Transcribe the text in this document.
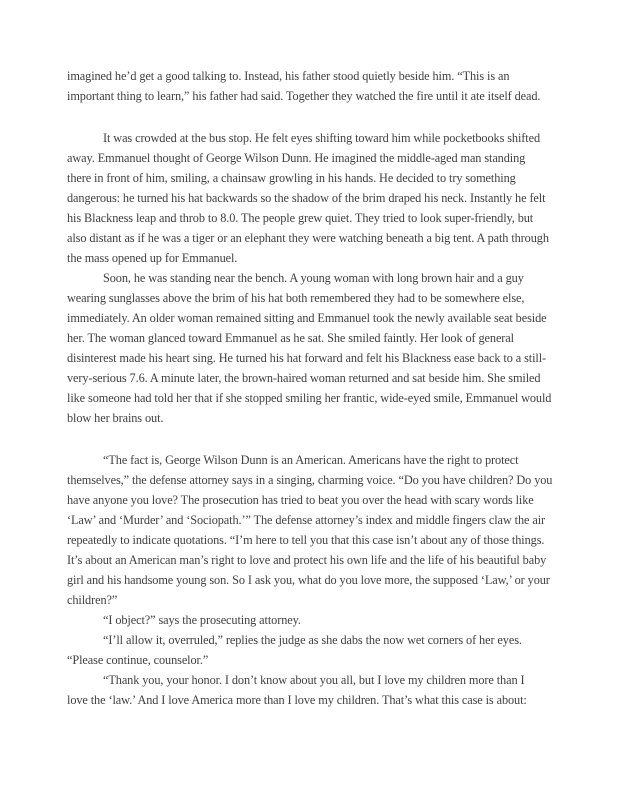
imagined he’d get a good talking to. Instead, his father stood quietly beside him. “This is an
important thing to learn,” his father had said. Together they watched the fire until it ate itself dead.
It was crowded at the bus stop. He felt eyes shifting toward him while pocketbooks shifted
away. Emmanuel thought of George Wilson Dunn. He imagined the middle-aged man standing
there in front of him, smiling, a chainsaw growling in his hands. He decided to try something
dangerous: he turned his hat backwards so the shadow of the brim draped his neck. Instantly he felt
his Blackness leap and throb to 8.0. The people grew quiet. They tried to look super-friendly, but
also distant as if he was a tiger or an elephant they were watching beneath a big tent. A path through
the mass opened up for Emmanuel.
Soon, he was standing near the bench. A young woman with long brown hair and a guy
wearing sunglasses above the brim of his hat both remembered they had to be somewhere else,
immediately. An older woman remained sitting and Emmanuel took the newly available seat beside
her. The woman glanced toward Emmanuel as he sat. She smiled faintly. Her look of general
disinterest made his heart sing. He turned his hat forward and felt his Blackness ease back to a still-
very-serious 7.6. A minute later, the brown-haired woman returned and sat beside him. She smiled
like someone had told her that if she stopped smiling her frantic, wide-eyed smile, Emmanuel would
blow her brains out.
“The fact is, George Wilson Dunn is an American. Americans have the right to protect
themselves,” the defense attorney says in a singing, charming voice. “Do you have children? Do you
have anyone you love? The prosecution has tried to beat you over the head with scary words like
‘Law’ and ‘Murder’ and ‘Sociopath.’” The defense attorney’s index and middle fingers claw the air
repeatedly to indicate quotations. “I’m here to tell you that this case isn’t about any of those things.
It’s about an American man’s right to love and protect his own life and the life of his beautiful baby
girl and his handsome young son. So I ask you, what do you love more, the supposed ‘Law,’ or your
children?”
“I object?” says the prosecuting attorney.
“I’ll allow it, overruled,” replies the judge as she dabs the now wet corners of her eyes.
“Please continue, counselor.”
“Thank you, your honor. I don’t know about you all, but I love my children more than I
love the ‘law.’ And I love America more than I love my children. That’s what this case is about:
